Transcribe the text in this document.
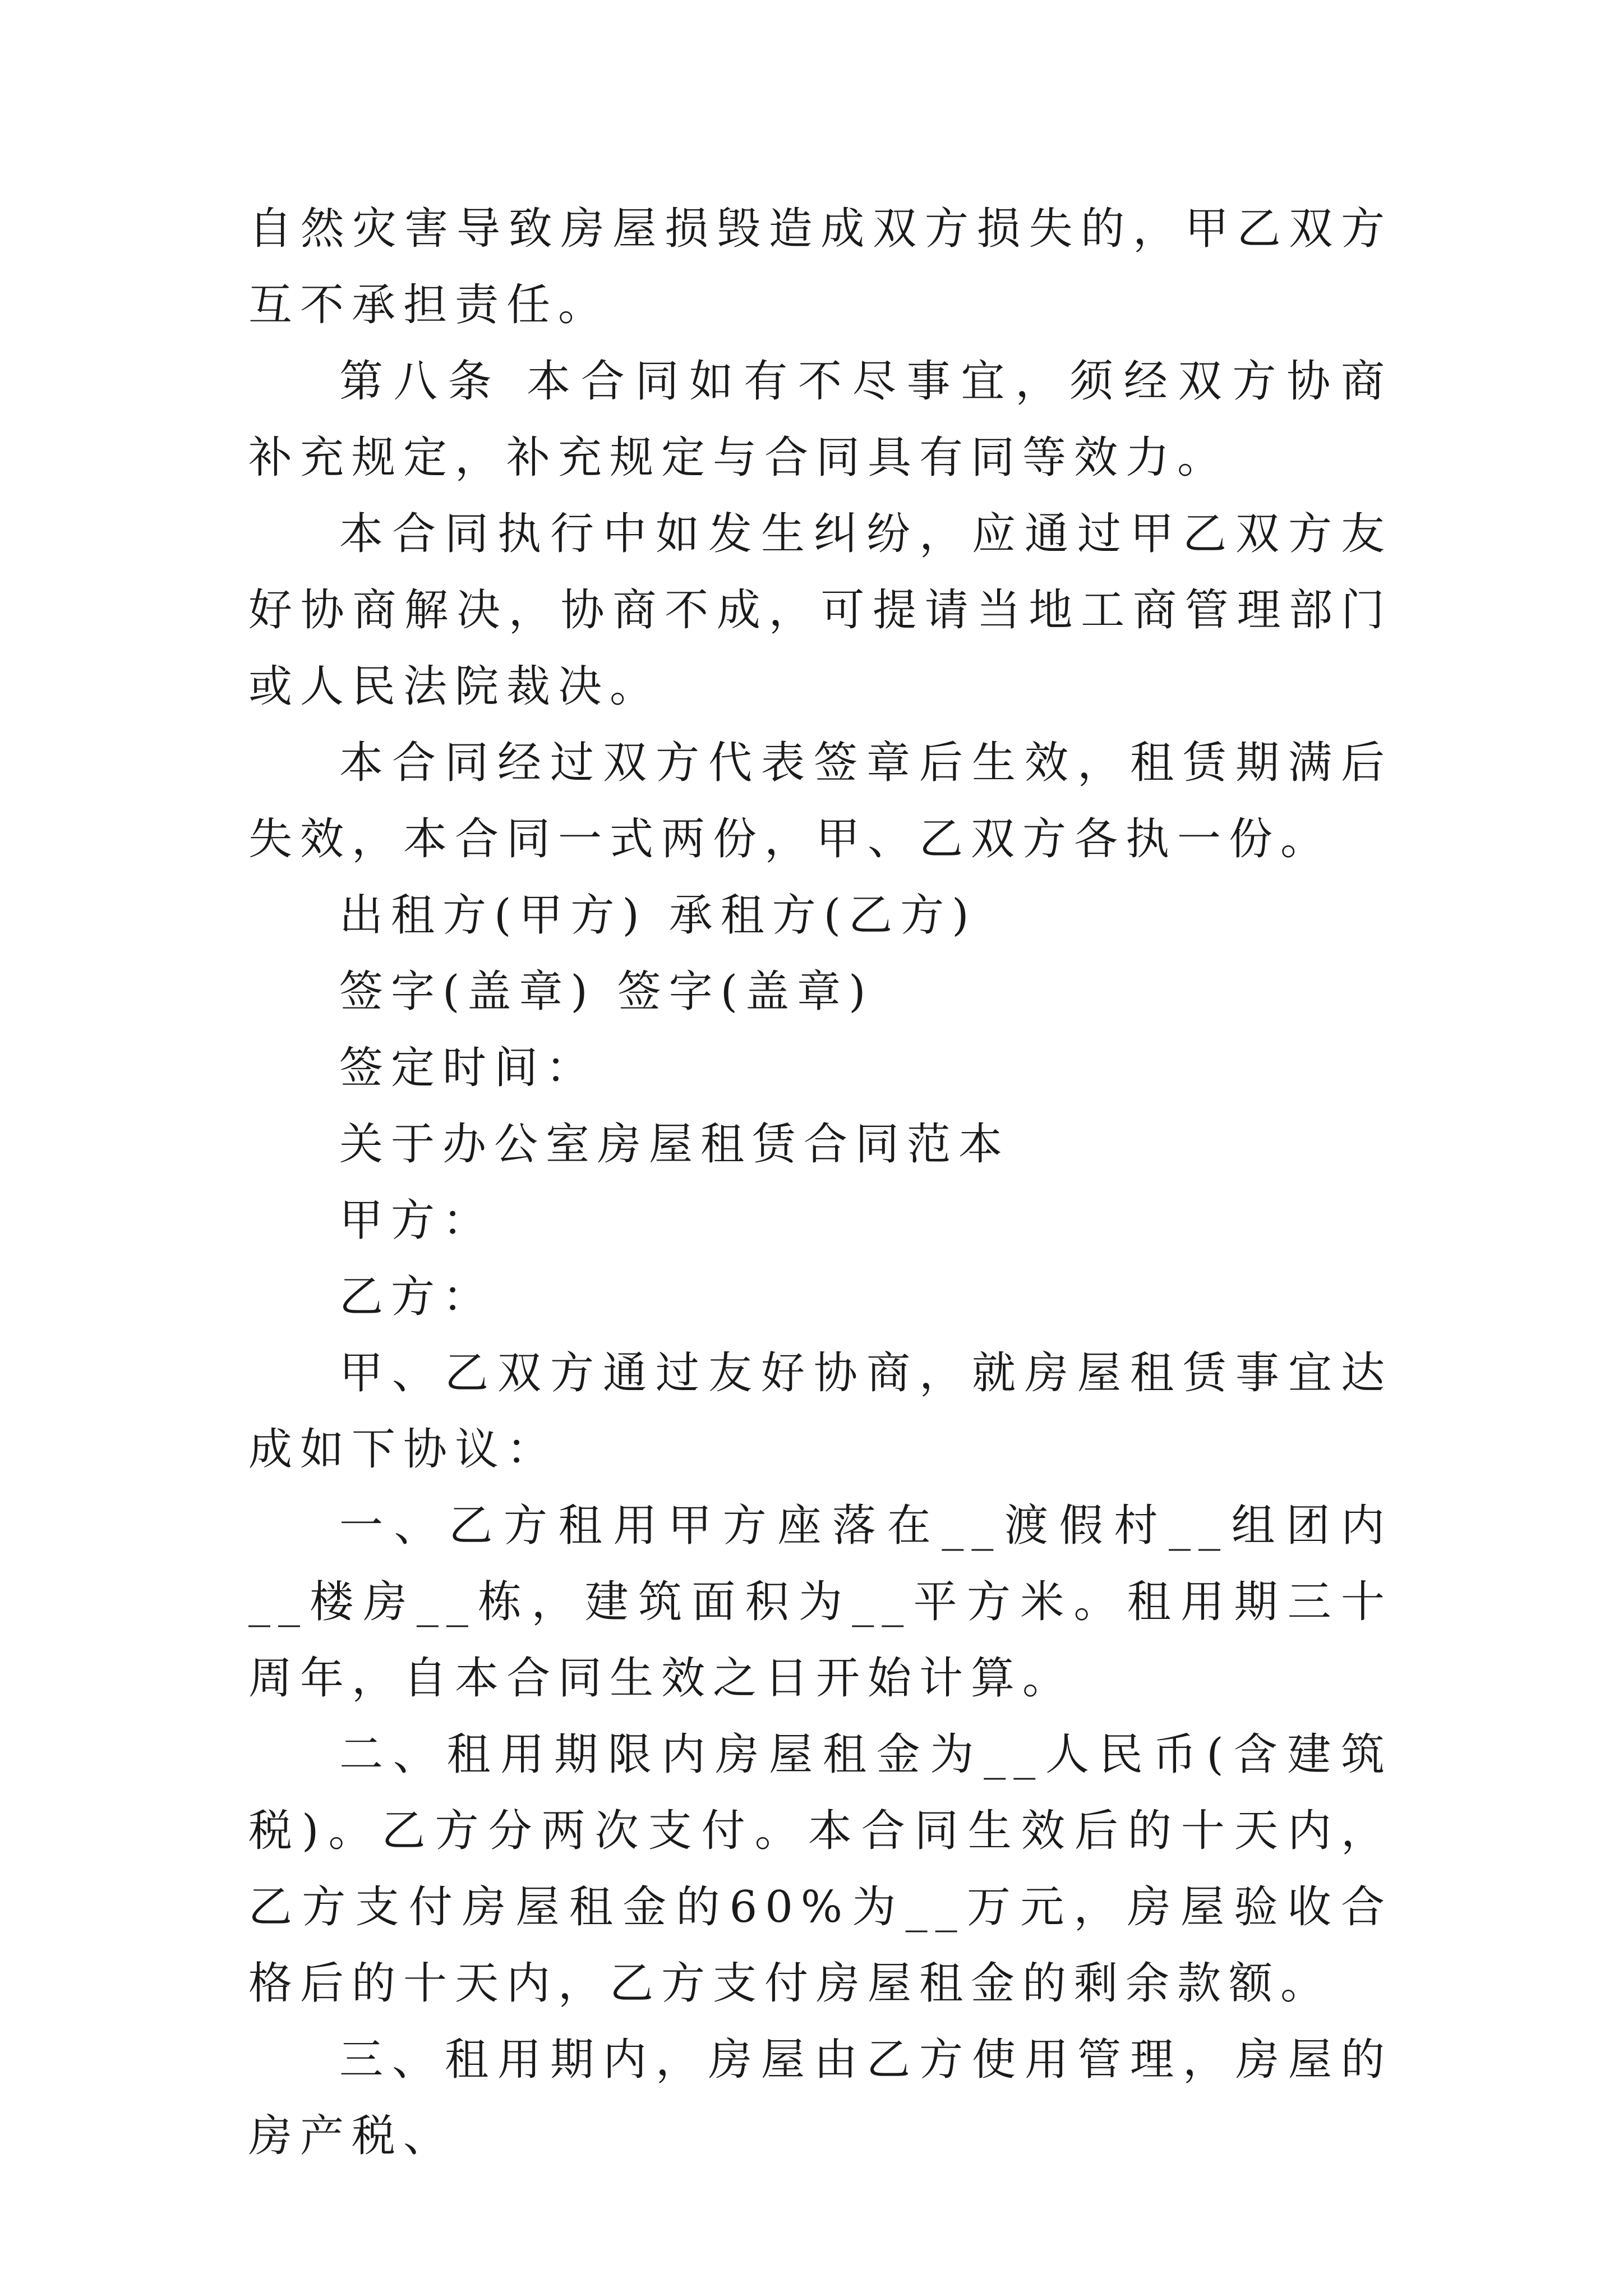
自然灾害导致房屋损毁造成双方损失的，甲乙双方互不承担责任。

第八条 本合同如有不尽事宜，须经双方协商补充规定，补充规定与合同具有同等效力。

本合同执行中如发生纠纷，应通过甲乙双方友好协商解决，协商不成，可提请当地工商管理部门或人民法院裁决。

本合同经过双方代表签章后生效，租赁期满后失效，本合同一式两份，甲、乙双方各执一份。

出租方(甲方) 承租方(乙方)

签字(盖章) 签字(盖章)

签定时间：

关于办公室房屋租赁合同范本

甲方：

乙方：

甲、乙双方通过友好协商，就房屋租赁事宜达成如下协议：

一、乙方租用甲方座落在__渡假村__组团内__楼房__栋，建筑面积为__平方米。租用期三十周年，自本合同生效之日开始计算。

二、租用期限内房屋租金为__人民币(含建筑税)。乙方分两次支付。本合同生效后的十天内，乙方支付房屋租金的60%为__万元，房屋验收合格后的十天内，乙方支付房屋租金的剩余款额。

三、租用期内，房屋由乙方使用管理，房屋的房产税、
